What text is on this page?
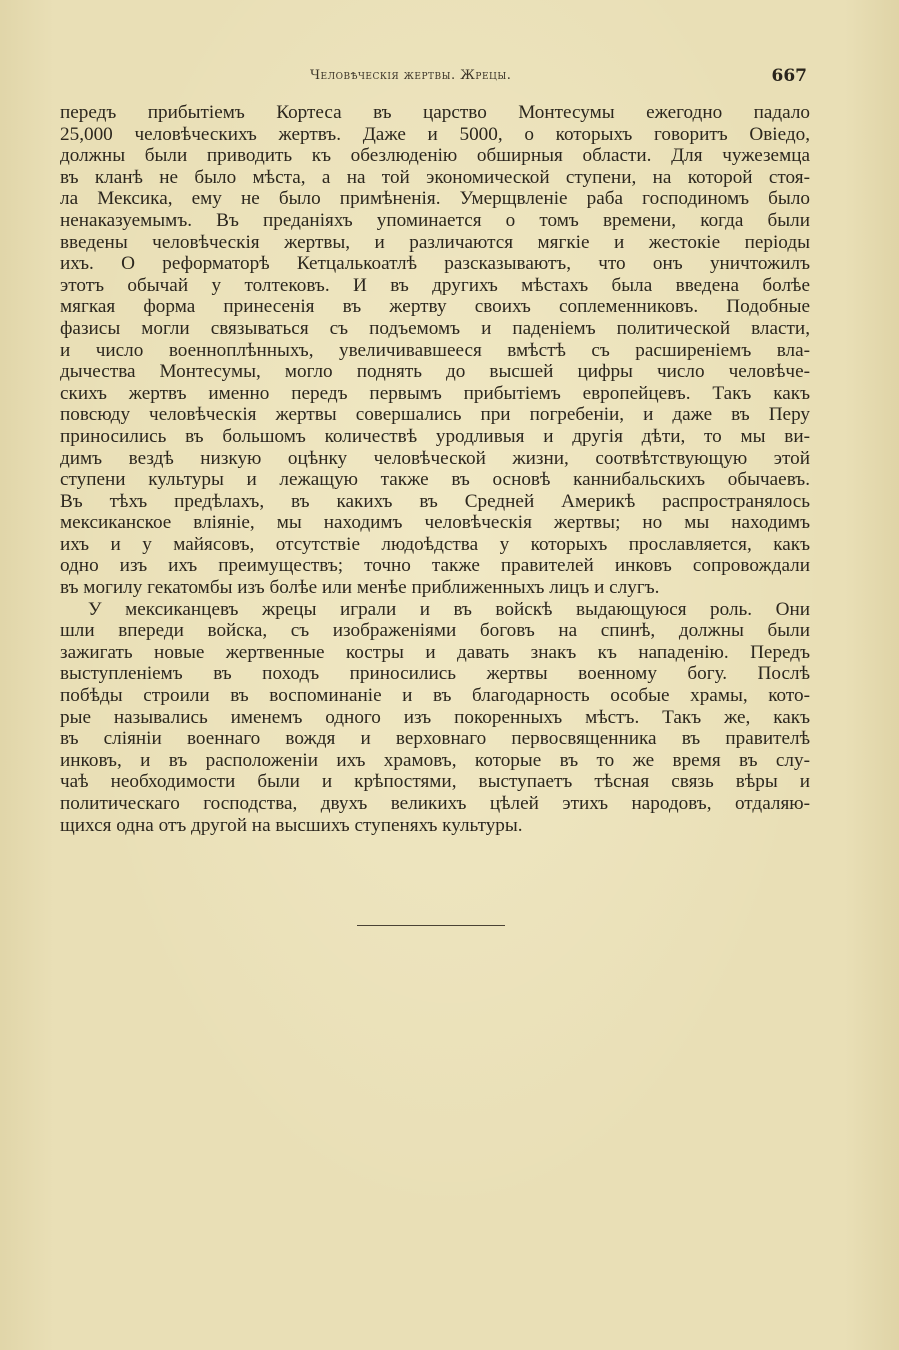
Человѣческія жертвы. Жрецы.	667
передъ прибытіемъ Кортеса въ царство Монтесумы ежегодно падало
25,000 человѣческихъ жертвъ. Даже и 5000, о которыхъ говоритъ Овіедо,
должны были приводить къ обезлюденію обширныя области. Для чужеземца
въ кланѣ не было мѣста, а на той экономической ступени, на которой стоя-
ла Мексика, ему не было примѣненія. Умерщвленіе раба господиномъ было
ненаказуемымъ. Въ преданіяхъ упоминается о томъ времени, когда были
введены человѣческія жертвы, и различаются мягкіе и жестокіе періоды
ихъ. О реформаторѣ Кетцалькоатлѣ разсказываютъ, что онъ уничтожилъ
этотъ обычай у толтековъ. И въ другихъ мѣстахъ была введена болѣе
мягкая форма принесенія въ жертву своихъ соплеменниковъ. Подобные
фазисы могли связываться съ подъемомъ и паденіемъ политической власти,
и число военноплѣнныхъ, увеличивавшееся вмѣстѣ съ расширеніемъ вла-
дычества Монтесумы, могло поднять до высшей цифры число человѣче-
скихъ жертвъ именно передъ первымъ прибытіемъ европейцевъ. Такъ какъ
повсюду человѣческія жертвы совершались при погребеніи, и даже въ Перу
приносились въ большомъ количествѣ уродливыя и другія дѣти, то мы ви-
димъ вездѣ низкую оцѣнку человѣческой жизни, соотвѣтствующую этой
ступени культуры и лежащую также въ основѣ каннибальскихъ обычаевъ.
Въ тѣхъ предѣлахъ, въ какихъ въ Средней Америкѣ распространялось
мексиканское вліяніе, мы находимъ человѣческія жертвы; но мы находимъ
ихъ и у майясовъ, отсутствіе людоѣдства у которыхъ прославляется, какъ
одно изъ ихъ преимуществъ; точно также правителей инковъ сопровождали
въ могилу гекатомбы изъ болѣе или менѣе приближенныхъ лицъ и слугъ.
У мексиканцевъ жрецы играли и въ войскѣ выдающуюся роль. Они
шли впереди войска, съ изображеніями боговъ на спинѣ, должны были
зажигать новые жертвенные костры и давать знакъ къ нападенію. Передъ
выступленіемъ въ походъ приносились жертвы военному богу. Послѣ
побѣды строили въ воспоминаніе и въ благодарность особые храмы, кото-
рые назывались именемъ одного изъ покоренныхъ мѣстъ. Такъ же, какъ
въ сліяніи военнаго вождя и верховнаго первосвященника въ правителѣ
инковъ, и въ расположеніи ихъ храмовъ, которые въ то же время въ слу-
чаѣ необходимости были и крѣпостями, выступаетъ тѣсная связь вѣры и
политическаго господства, двухъ великихъ цѣлей этихъ народовъ, отдаляю-
щихся одна отъ другой на высшихъ ступеняхъ культуры.
